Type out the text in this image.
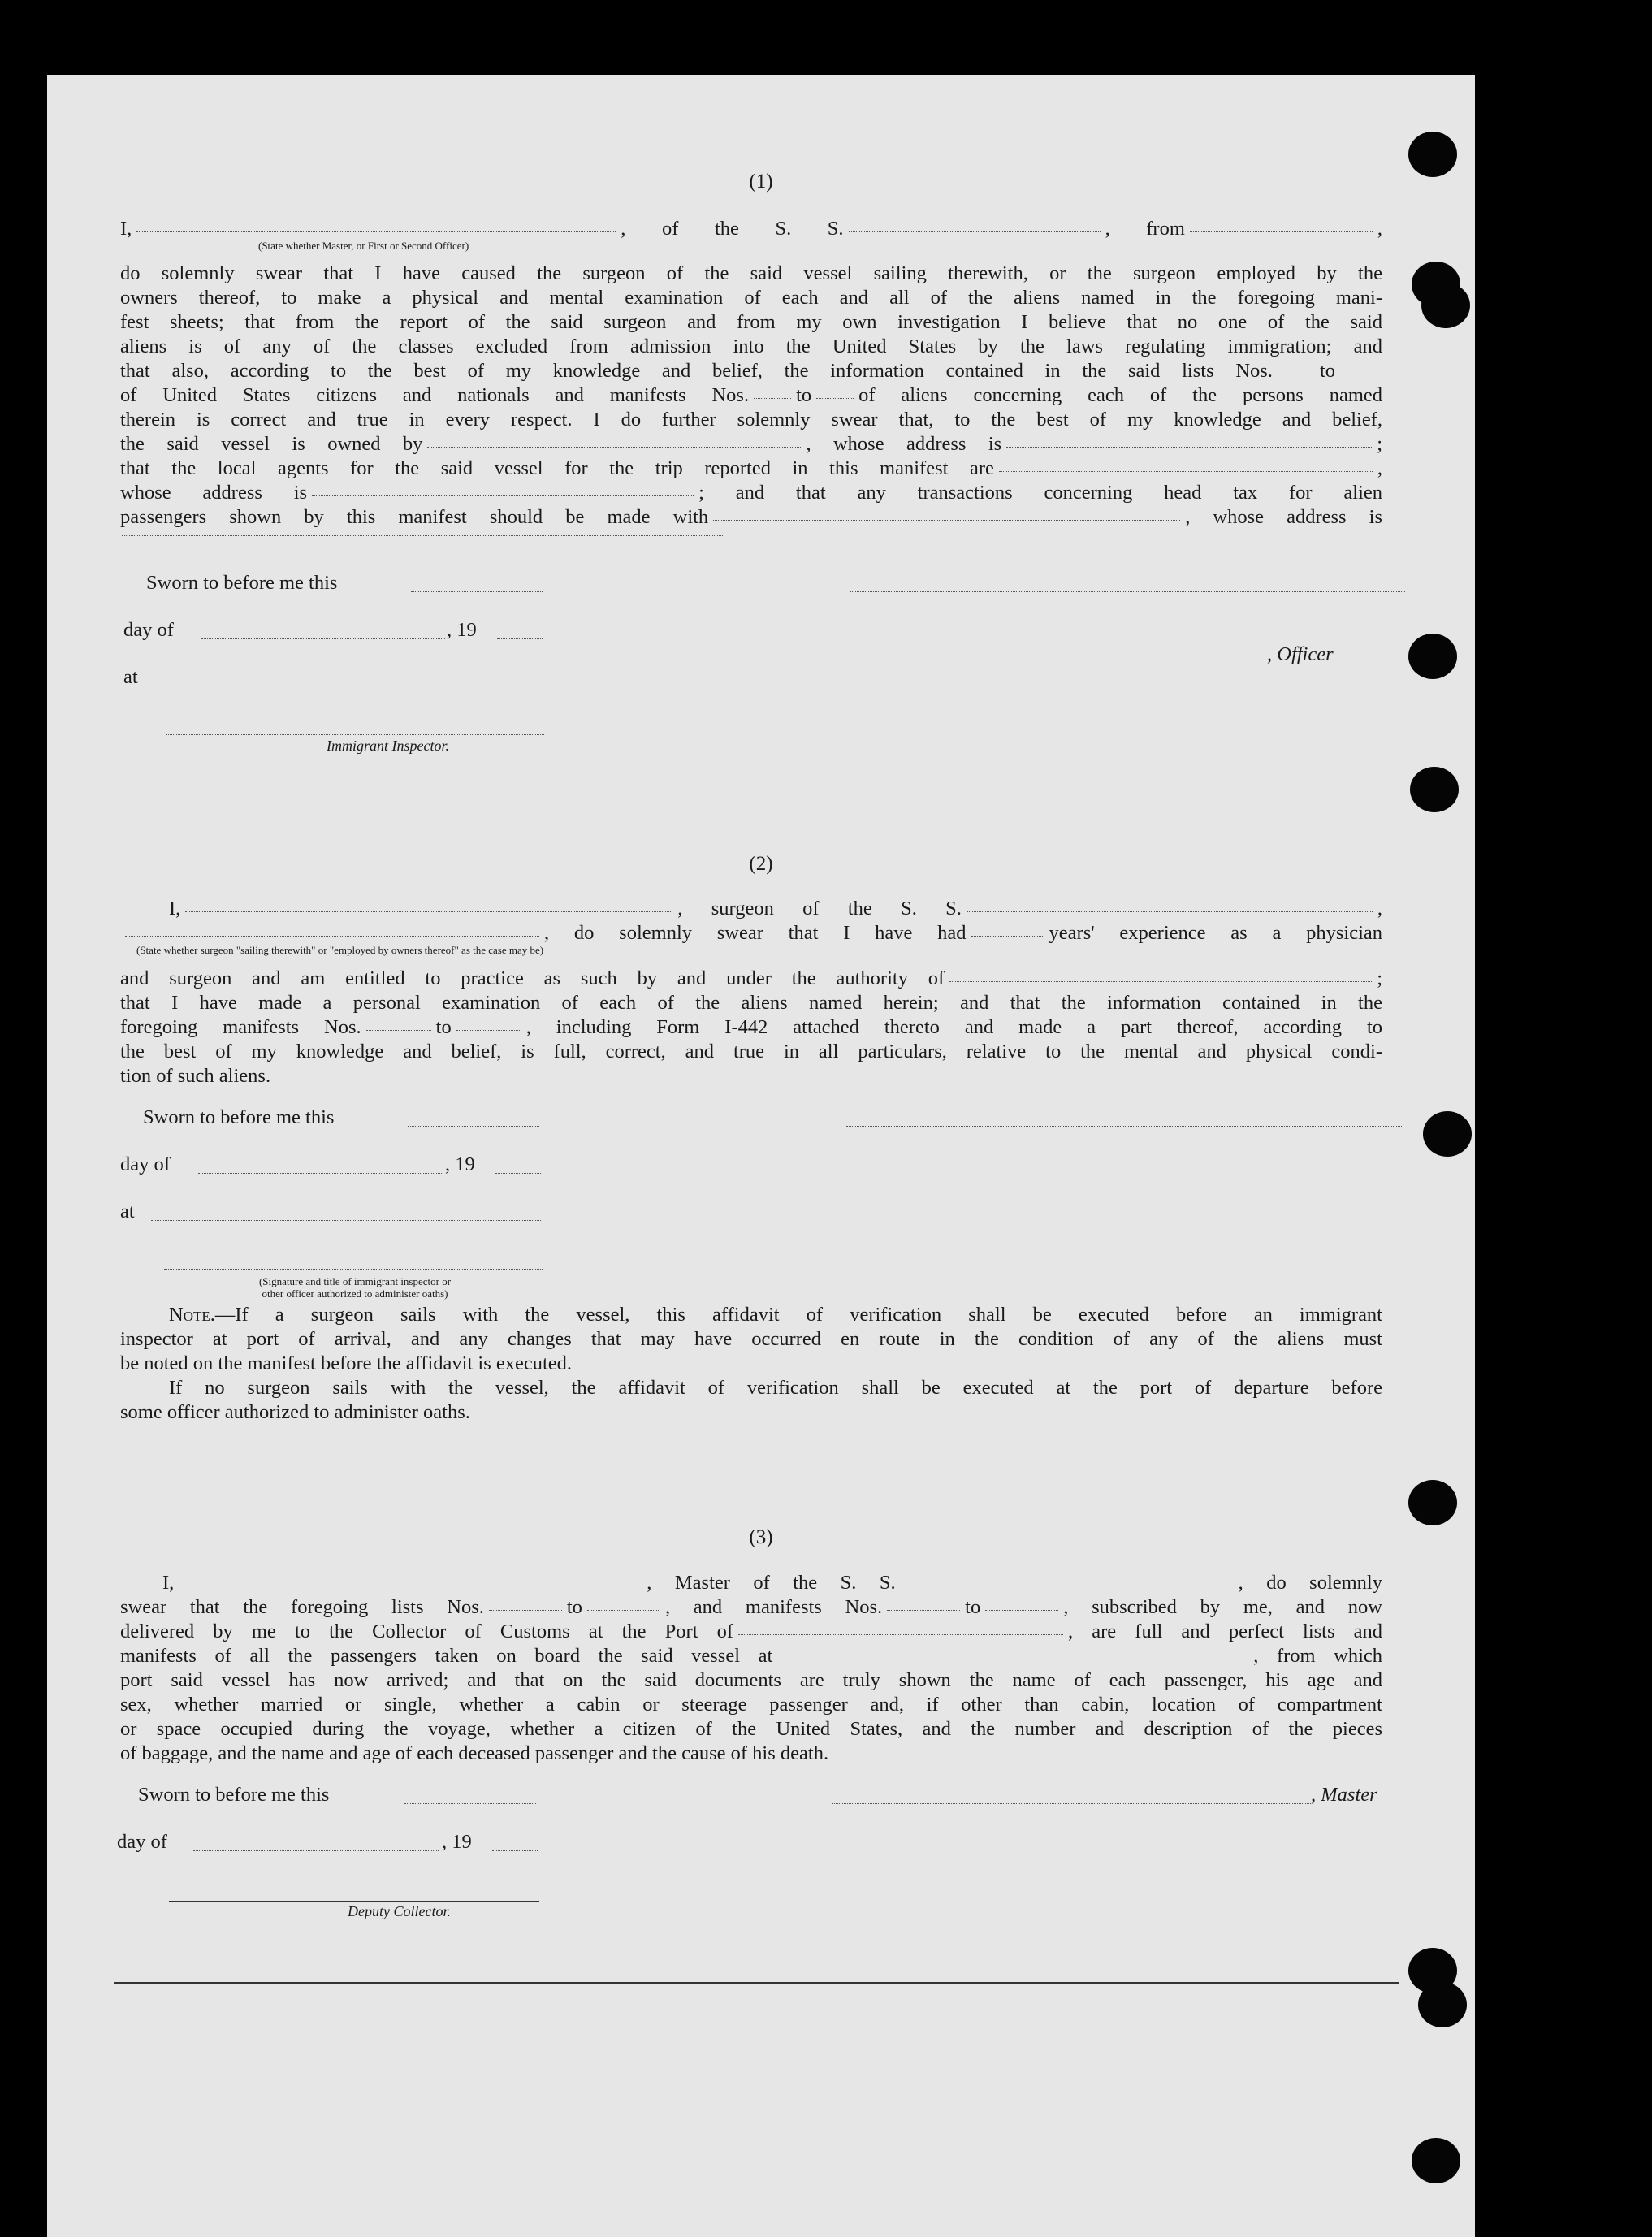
(1)
I,	, of the S. S.	, from	,
(State whether Master, or First or Second Officer)
do solemnly swear that I have caused the surgeon of the said vessel sailing therewith, or the surgeon employed by the
owners thereof, to make a physical and mental examination of each and all of the aliens named in the foregoing mani-
fest sheets; that from the report of the said surgeon and from my own investigation I believe that no one of the said
aliens is of any of the classes excluded from admission into the United States by the laws regulating immigration; and
that also, according to the best of my knowledge and belief, the information contained in the said lists Nos. to
of United States citizens and nationals and manifests Nos. to of aliens concerning each of the persons named
therein is correct and true in every respect. I do further solemnly swear that, to the best of my knowledge and belief,
the said vessel is owned by	, whose address is	;
that the local agents for the said vessel for the trip reported in this manifest are	,
whose address is	; and that any transactions concerning head tax for alien
passengers shown by this manifest should be made with	, whose address is
Sworn to before me this
day of	, 19
, Officer
at
Immigrant Inspector.
(2)
I,	, surgeon of the S. S.	,
, do solemnly swear that I have had	years' experience as a physician
(State whether surgeon "sailing therewith" or "employed by owners thereof" as the case may be)
and surgeon and am entitled to practice as such by and under the authority of	;
that I have made a personal examination of each of the aliens named herein; and that the information contained in the
foregoing manifests Nos.	to	, including Form I-442 attached thereto and made a part thereof, according to
the best of my knowledge and belief, is full, correct, and true in all particulars, relative to the mental and physical condi-
tion of such aliens.
Sworn to before me this
day of	, 19
at
(Signature and title of immigrant inspector or
other officer authorized to administer oaths)
Note.—If a surgeon sails with the vessel, this affidavit of verification shall be executed before an immigrant
inspector at port of arrival, and any changes that may have occurred en route in the condition of any of the aliens must
be noted on the manifest before the affidavit is executed.
If no surgeon sails with the vessel, the affidavit of verification shall be executed at the port of departure before
some officer authorized to administer oaths.
(3)
I,	, Master of the S. S.	, do solemnly
swear that the foregoing lists Nos.	to	, and manifests Nos.	to	, subscribed by me, and now
delivered by me to the Collector of Customs at the Port of	, are full and perfect lists and
manifests of all the passengers taken on board the said vessel at	, from which
port said vessel has now arrived; and that on the said documents are truly shown the name of each passenger, his age and
sex, whether married or single, whether a cabin or steerage passenger and, if other than cabin, location of compartment
or space occupied during the voyage, whether a citizen of the United States, and the number and description of the pieces
of baggage, and the name and age of each deceased passenger and the cause of his death.
Sworn to before me this	, Master
day of	, 19
Deputy Collector.
